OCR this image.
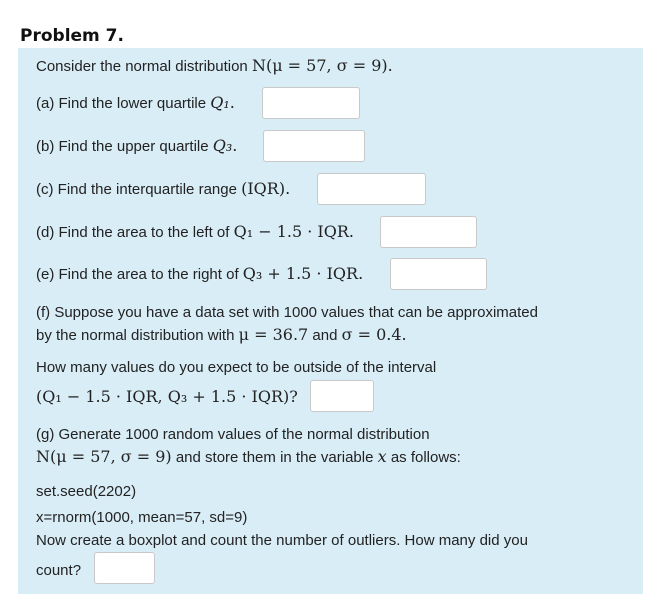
Problem 7.
Consider the normal distribution N(μ = 57, σ = 9).
(a) Find the lower quartile Q₁.
(b) Find the upper quartile Q₃.
(c) Find the interquartile range (IQR).
(d) Find the area to the left of Q₁ − 1.5 · IQR.
(e) Find the area to the right of Q₃ + 1.5 · IQR.
(f) Suppose you have a data set with 1000 values that can be approximated
by the normal distribution with μ = 36.7 and σ = 0.4.
How many values do you expect to be outside of the interval
(Q₁ − 1.5 · IQR, Q₃ + 1.5 · IQR)?
(g) Generate 1000 random values of the normal distribution
N(μ = 57, σ = 9) and store them in the variable x as follows:
set.seed(2202)
x=rnorm(1000, mean=57, sd=9)
Now create a boxplot and count the number of outliers. How many did you
count?
